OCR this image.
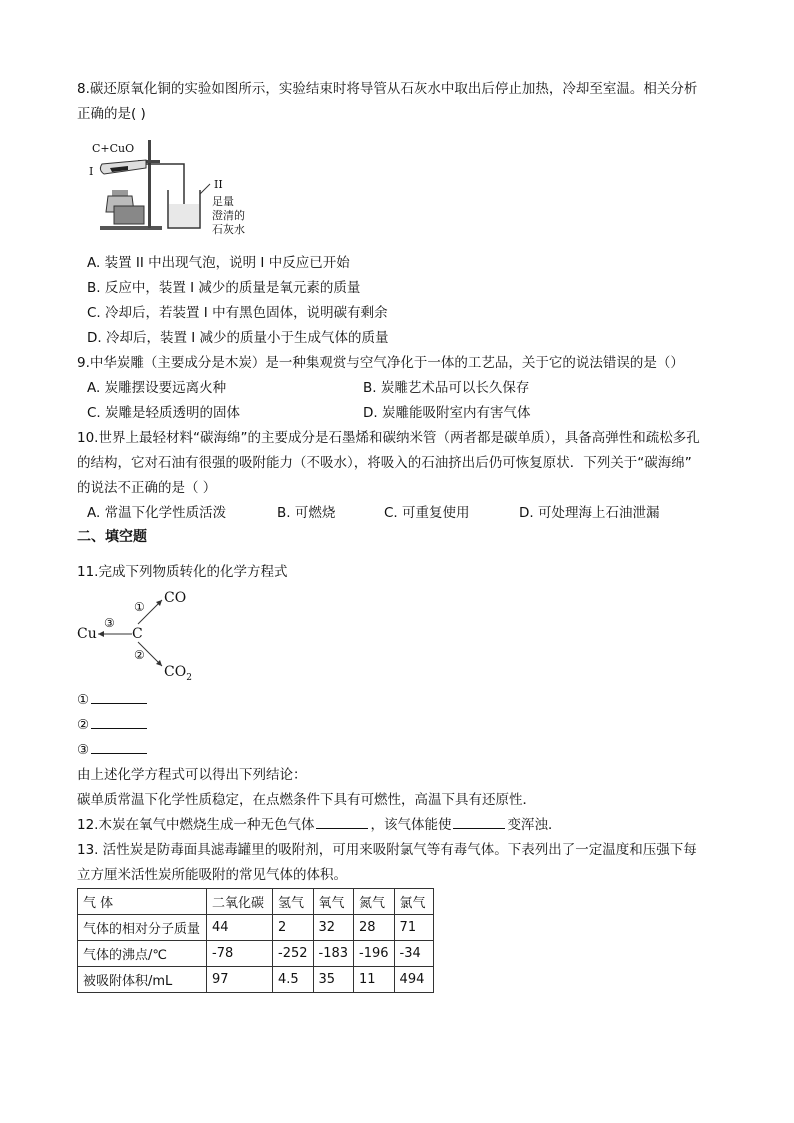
8.碳还原氧化铜的实验如图所示，实验结束时将导管从石灰水中取出后停止加热，冷却至室温。相关分析
正确的是( )
C+CuO
I
II
足量
澄清的
石灰水
A. 装置 II 中出现气泡，说明 I 中反应已开始
B. 反应中，装置 I 减少的质量是氧元素的质量
C. 冷却后，若装置 I 中有黑色固体，说明碳有剩余
D. 冷却后，装置 I 减少的质量小于生成气体的质量
9.中华炭雕（主要成分是木炭）是一种集观赏与空气净化于一体的工艺品，关于它的说法错误的是（）
A. 炭雕摆设要远离火种	B. 炭雕艺术品可以长久保存
C. 炭雕是轻质透明的固体	D. 炭雕能吸附室内有害气体
10.世界上最轻材料“碳海绵”的主要成分是石墨烯和碳纳米管（两者都是碳单质），具备高弹性和疏松多孔
的结构，它对石油有很强的吸附能力（不吸水），将吸入的石油挤出后仍可恢复原状．下列关于“碳海绵”
的说法不正确的是（ ）
A. 常温下化学性质活泼	B. 可燃烧	C. 可重复使用	D. 可处理海上石油泄漏
二、填空题
11.完成下列物质转化的化学方程式
C
CO
Cu
$CO_2$
①
③
②
①
②
③
由上述化学方程式可以得出下列结论：
碳单质常温下化学性质稳定，在点燃条件下具有可燃性，高温下具有还原性．
12.木炭在氧气中燃烧生成一种无色气体	，该气体能使	变浑浊．
13. 活性炭是防毒面具滤毒罐里的吸附剂，可用来吸附氯气等有毒气体。下表列出了一定温度和压强下每
立方厘米活性炭所能吸附的常见气体的体积。
气 体	二氧化碳	氢气	氧气	氮气	氯气
气体的相对分子质量	44	2	32	28	71
气体的沸点/℃	-78	-252	-183	-196	-34
被吸附体积/mL	97	4.5	35	11	494
